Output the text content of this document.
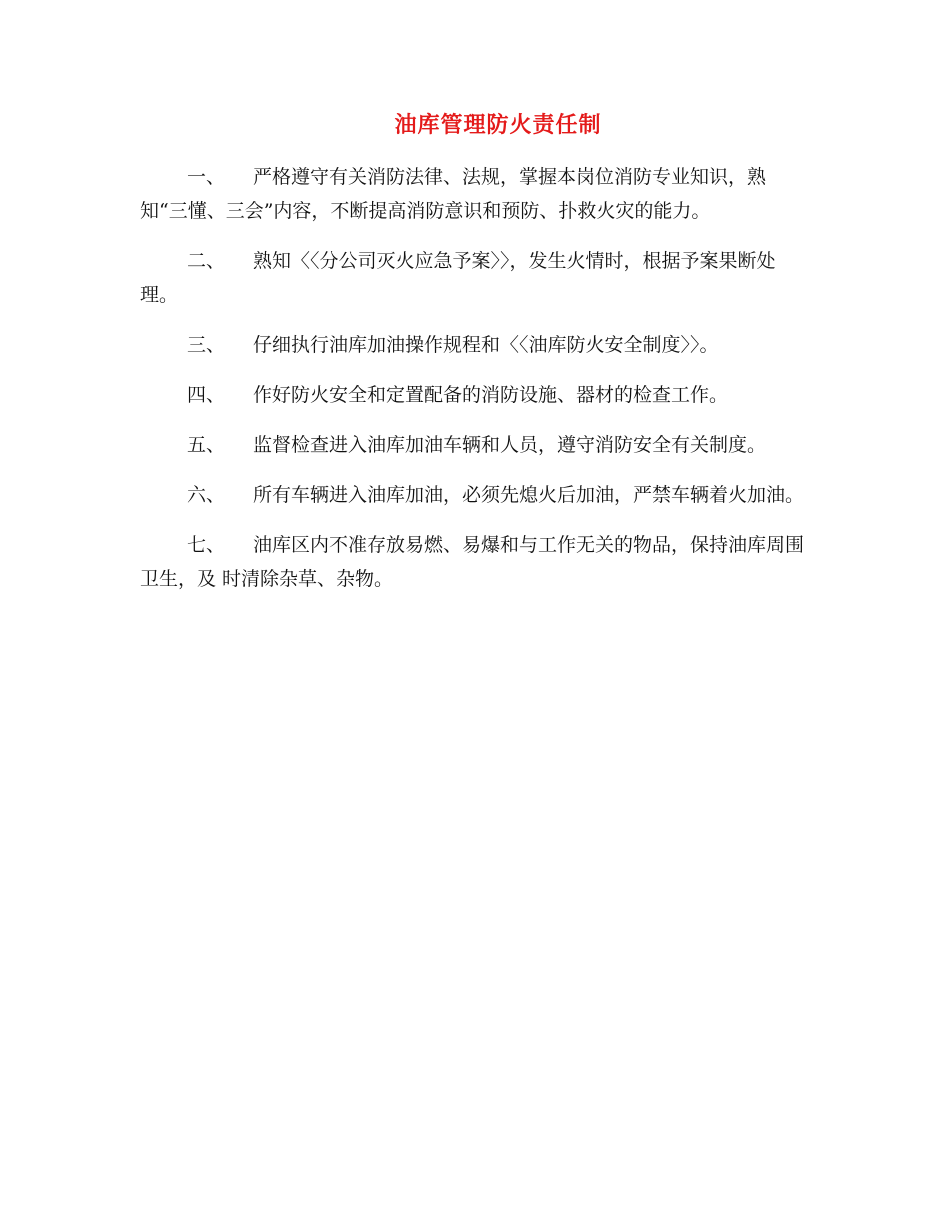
油库管理防火责任制

一、 严格遵守有关消防法律、法规，掌握本岗位消防专业知识，熟知“三懂、三会”内容，不断提高消防意识和预防、扑救火灾的能力。

二、 熟知〈〈分公司灭火应急予案〉〉，发生火情时，根据予案果断处理。

三、 仔细执行油库加油操作规程和〈〈油库防火安全制度〉〉。

四、 作好防火安全和定置配备的消防设施、器材的检查工作。

五、 监督检查进入油库加油车辆和人员，遵守消防安全有关制度。

六、 所有车辆进入油库加油，必须先熄火后加油，严禁车辆着火加油。

七、 油库区内不准存放易燃、易爆和与工作无关的物品，保持油库周围卫生，及 时清除杂草、杂物。
